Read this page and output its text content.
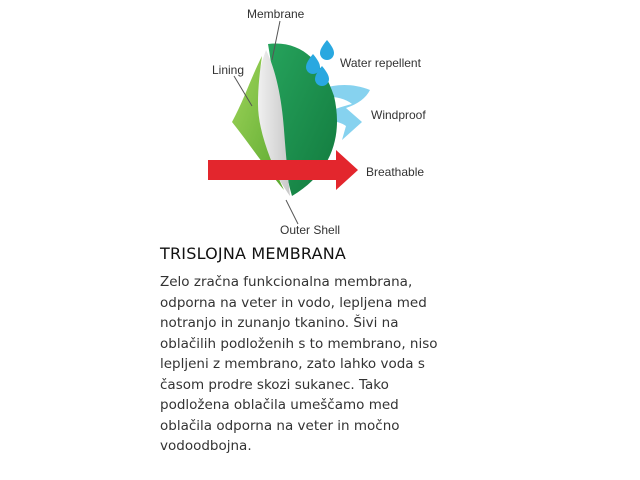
Membrane
Lining	Water repellent
Windproof
Breathable
Outer Shell
TRISLOJNA MEMBRANA

Zelo zračna funkcionalna membrana,
odporna na veter in vodo, lepljena med
notranjo in zunanjo tkanino. Šivi na
oblačilih podloženih s to membrano, niso
lepljeni z membrano, zato lahko voda s
časom prodre skozi sukanec. Tako
podložena oblačila umeščamo med
oblačila odporna na veter in močno
vodoodbojna.
